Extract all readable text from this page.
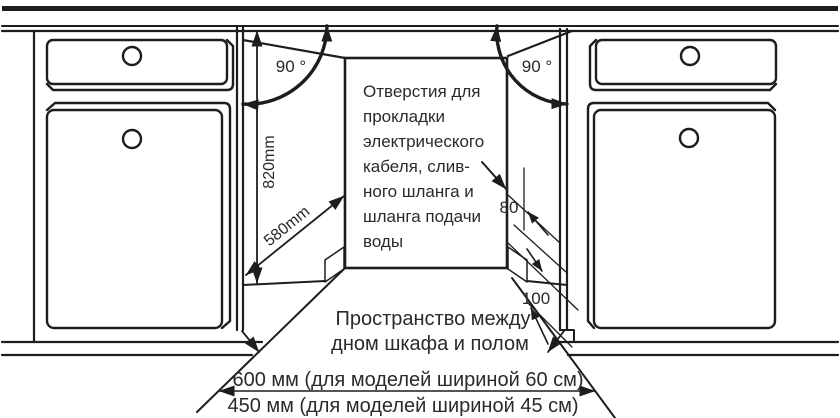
90 °	90 °
820mm
580mm	80
100
Отверстия для
прокладки
электрического
кабеля, слив-
ного шланга и
шланга подачи
воды
Пространство между
дном шкафа и полом
600 мм (для моделей шириной 60 см)
450 мм (для моделей шириной 45 см)
